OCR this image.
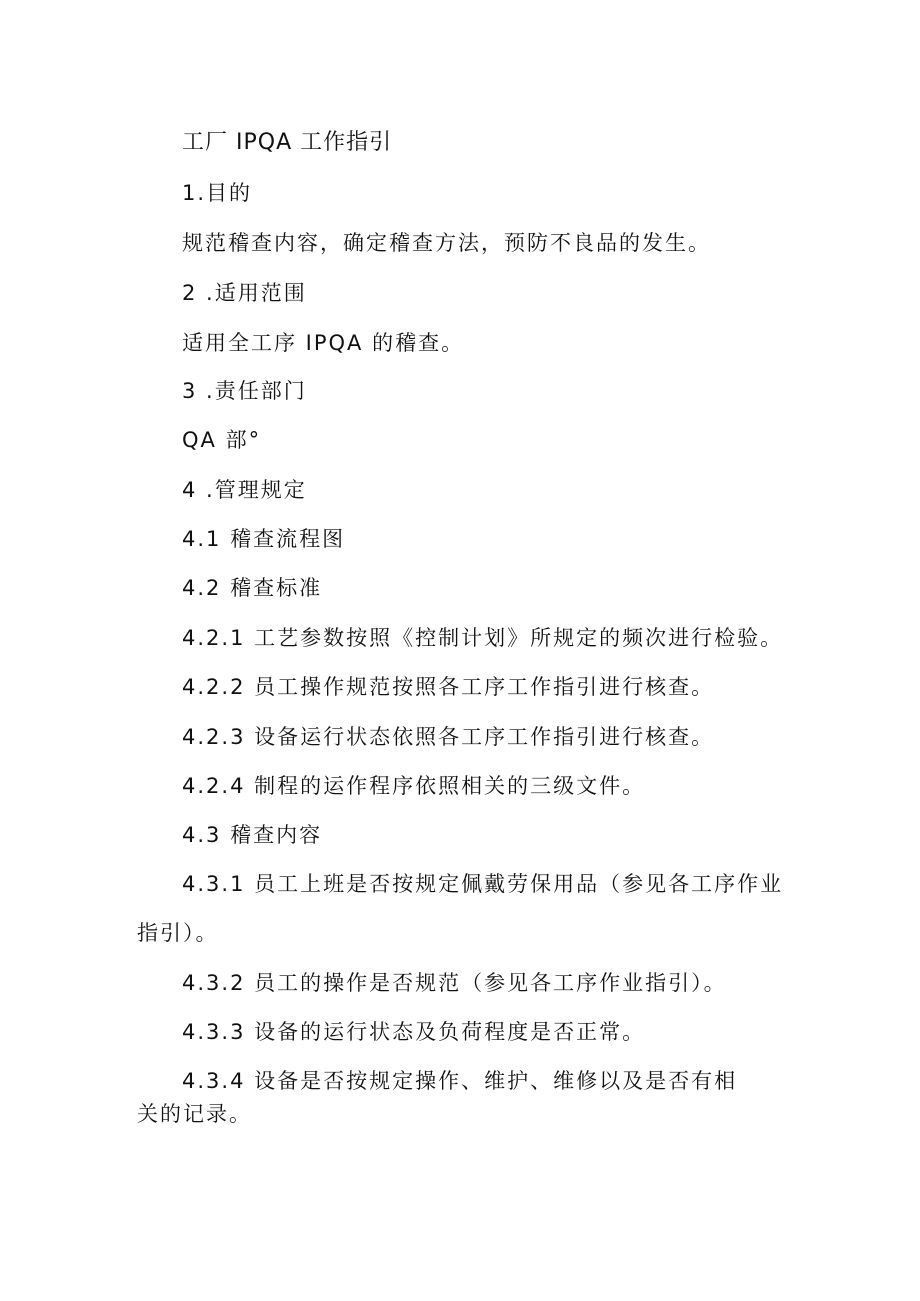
工厂 IPQA 工作指引
1.目的
规范稽查内容，确定稽查方法，预防不良品的发生。
2 .适用范围
适用全工序 IPQA 的稽查。
3 .责任部门
QA 部°
4 .管理规定
4.1 稽查流程图
4.2 稽查标准
4.2.1 工艺参数按照《控制计划》所规定的频次进行检验。
4.2.2 员工操作规范按照各工序工作指引进行核查。
4.2.3 设备运行状态依照各工序工作指引进行核查。
4.2.4 制程的运作程序依照相关的三级文件。
4.3 稽查内容
4.3.1 员工上班是否按规定佩戴劳保用品（参见各工序作业
指引）。
4.3.2 员工的操作是否规范（参见各工序作业指引）。
4.3.3 设备的运行状态及负荷程度是否正常。
4.3.4 设备是否按规定操作、维护、维修以及是否有相
关的记录。
